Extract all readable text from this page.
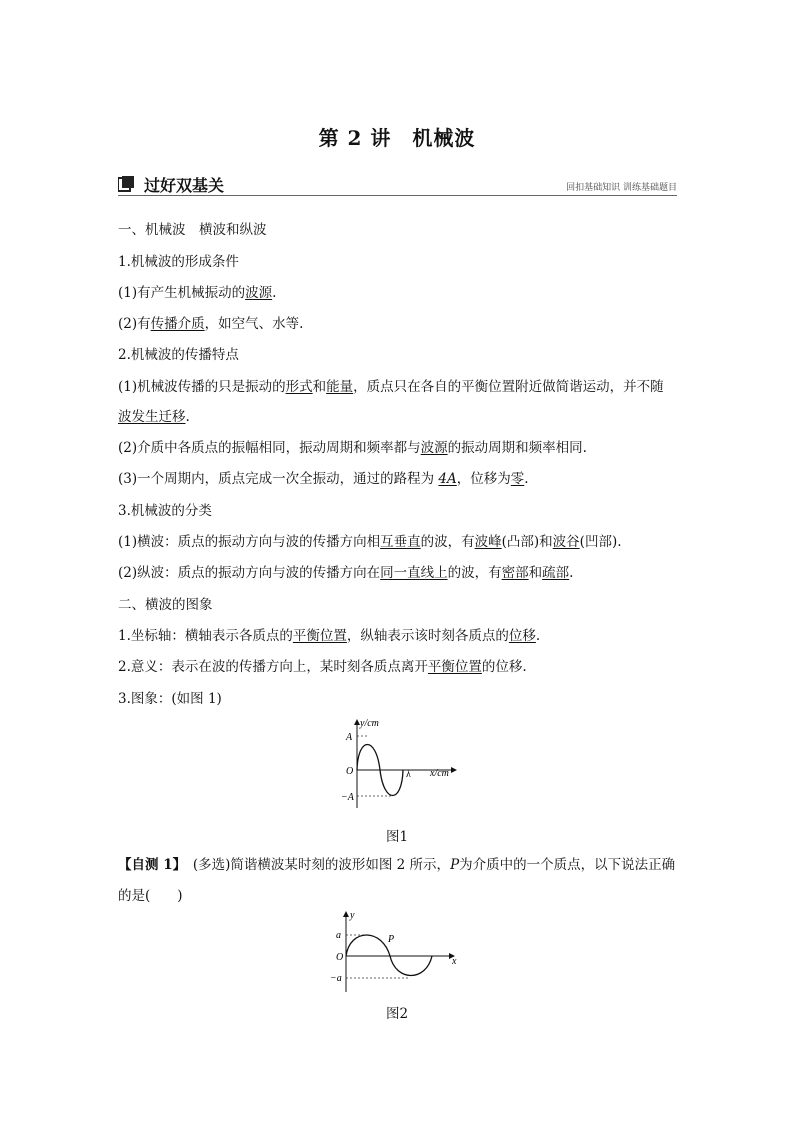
第 2 讲　机械波
过好双基关	回扣基础知识 训练基础题目
一、机械波　横波和纵波
1.机械波的形成条件
(1)有产生机械振动的波源.
(2)有传播介质，如空气、水等.
2.机械波的传播特点
(1)机械波传播的只是振动的形式和能量，质点只在各自的平衡位置附近做简谐运动，并不随
波发生迁移.
(2)介质中各质点的振幅相同，振动周期和频率都与波源的振动周期和频率相同.
(3)一个周期内，质点完成一次全振动，通过的路程为 4A，位移为零.
3.机械波的分类
(1)横波：质点的振动方向与波的传播方向相互垂直的波，有波峰(凸部)和波谷(凹部).
(2)纵波：质点的振动方向与波的传播方向在同一直线上的波，有密部和疏部.
二、横波的图象
1.坐标轴：横轴表示各质点的平衡位置，纵轴表示该时刻各质点的位移.
2.意义：表示在波的传播方向上，某时刻各质点离开平衡位置的位移.
3.图象：(如图 1)
y/cm
x/cm
A
−A
O	λ
图1
【自测 1】 (多选)简谐横波某时刻的波形如图 2 所示，P为介质中的一个质点，以下说法正确
的是(　　)
y
x
a
−a
O
P
图2
